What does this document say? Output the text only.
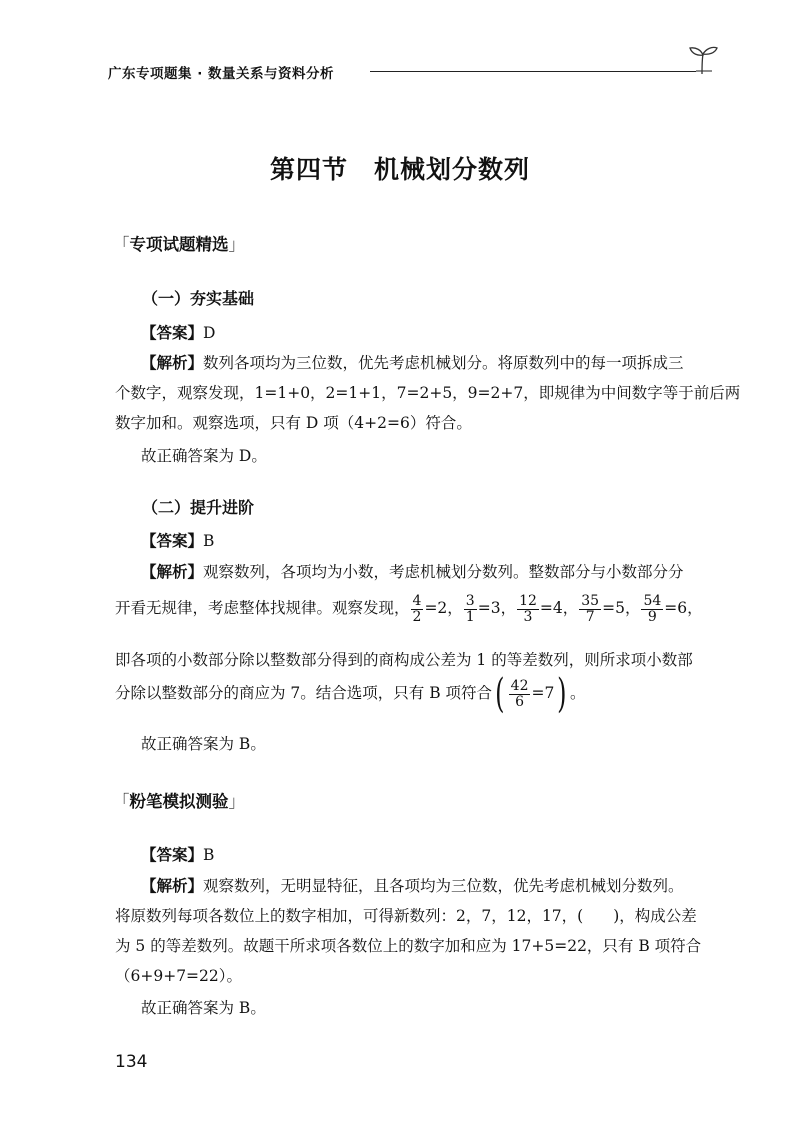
广东专项题集 · 数量关系与资料分析
第四节　机械划分数列
「专项试题精选」
（一）夯实基础
【答案】D
【解析】数列各项均为三位数，优先考虑机械划分。将原数列中的每一项拆成三
个数字，观察发现，1=1+0，2=1+1，7=2+5，9=2+7，即规律为中间数字等于前后两
数字加和。观察选项，只有 D 项（4+2=6）符合。
故正确答案为 D。
（二）提升进阶
【答案】B
【解析】观察数列，各项均为小数，考虑机械划分数列。整数部分与小数部分分
开看无规律，考虑整体找规律。观察发现， $\frac{4}{2} =2$， $\frac{3}{1} =3$， $\frac{12}{3} =4$， $\frac{35}{7} =5$， $\frac{54}{9} =6$，
即各项的小数部分除以整数部分得到的商构成公差为 1 的等差数列，则所求项小数部
分除以整数部分的商应为 7。结合选项，只有 B 项符合( $\frac{42}{6} =7$) 。
故正确答案为 B。
「粉笔模拟测验」
【答案】B
【解析】观察数列，无明显特征，且各项均为三位数，优先考虑机械划分数列。
将原数列每项各数位上的数字相加，可得新数列：2，7，12，17，( )，构成公差
为 5 的等差数列。故题干所求项各数位上的数字加和应为 17+5=22，只有 B 项符合
（6+9+7=22）。
故正确答案为 B。
134
